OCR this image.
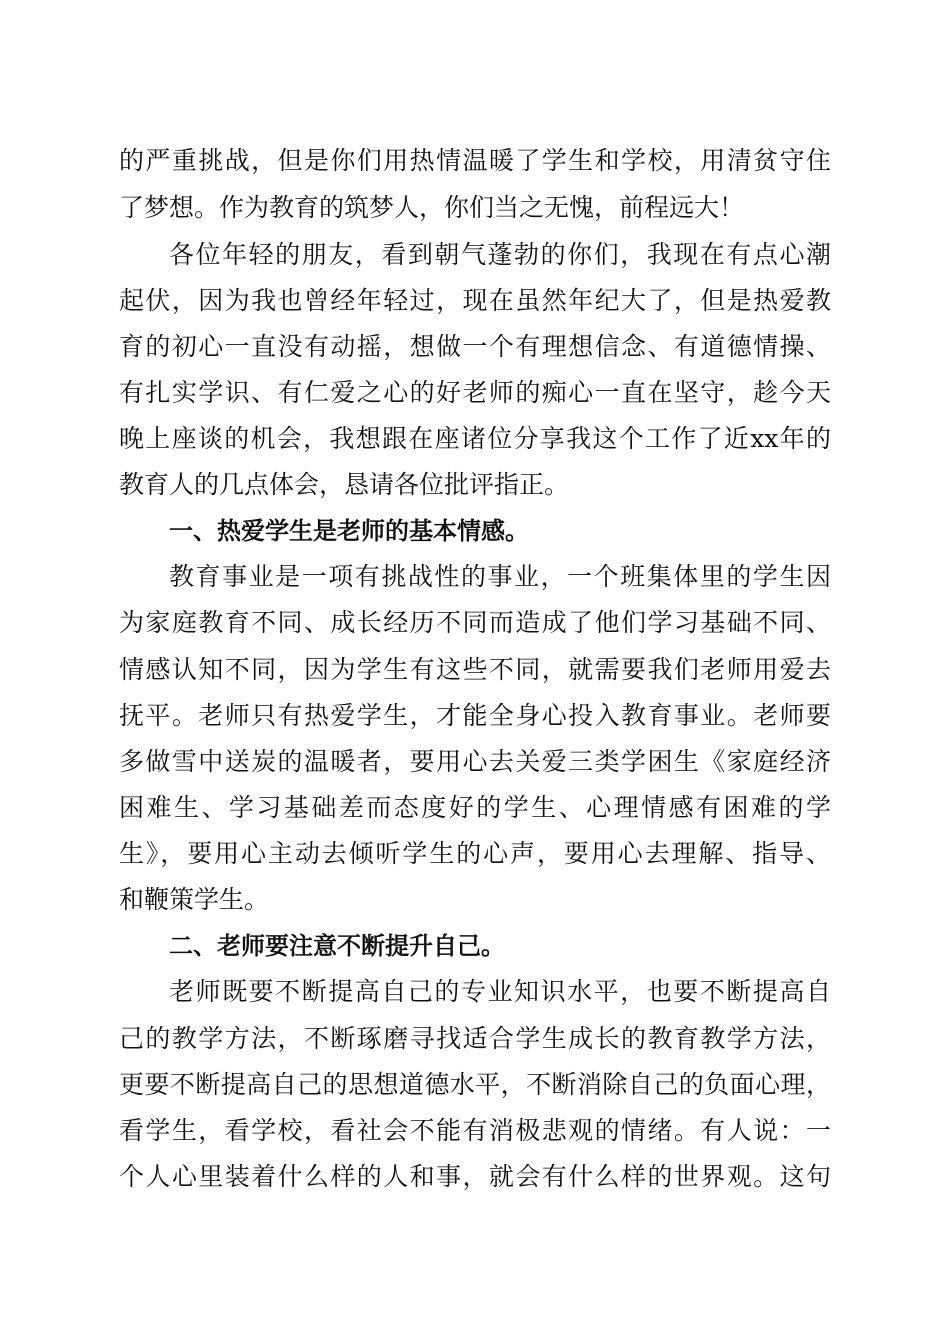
的严重挑战，但是你们用热情温暖了学生和学校，用清贫守住
了梦想。作为教育的筑梦人，你们当之无愧，前程远大！
各位年轻的朋友，看到朝气蓬勃的你们，我现在有点心潮
起伏，因为我也曾经年轻过，现在虽然年纪大了，但是热爱教
育的初心一直没有动摇，想做一个有理想信念、有道德情操、
有扎实学识、有仁爱之心的好老师的痴心一直在坚守，趁今天
晚上座谈的机会，我想跟在座诸位分享我这个工作了近xx年的
教育人的几点体会，恳请各位批评指正。
一、热爱学生是老师的基本情感。
教育事业是一项有挑战性的事业，一个班集体里的学生因
为家庭教育不同、成长经历不同而造成了他们学习基础不同、
情感认知不同，因为学生有这些不同，就需要我们老师用爱去
抚平。老师只有热爱学生，才能全身心投入教育事业。老师要
多做雪中送炭的温暖者，要用心去关爱三类学困生《家庭经济
困难生、学习基础差而态度好的学生、心理情感有困难的学
生》，要用心主动去倾听学生的心声，要用心去理解、指导、
和鞭策学生。
二、老师要注意不断提升自己。
老师既要不断提高自己的专业知识水平，也要不断提高自
己的教学方法，不断琢磨寻找适合学生成长的教育教学方法，
更要不断提高自己的思想道德水平，不断消除自己的负面心理，
看学生，看学校，看社会不能有消极悲观的情绪。有人说：一
个人心里装着什么样的人和事，就会有什么样的世界观。这句
